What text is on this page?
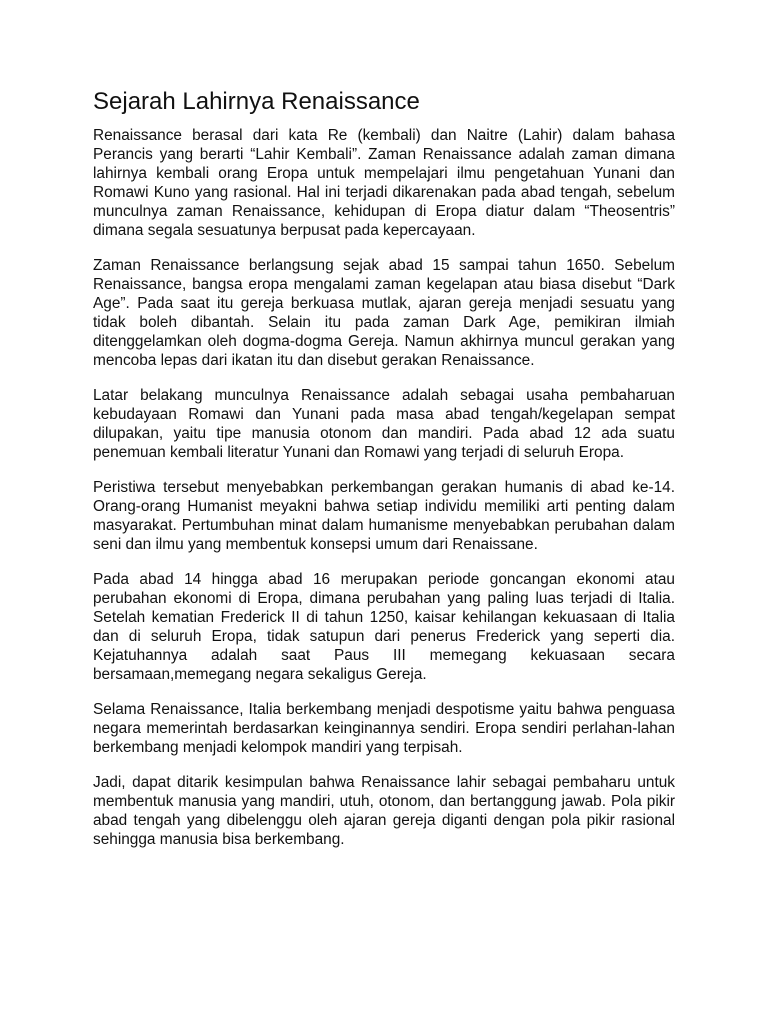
Sejarah Lahirnya Renaissance

Renaissance berasal dari kata Re (kembali) dan Naitre (Lahir) dalam bahasa Perancis yang berarti “Lahir Kembali”. Zaman Renaissance adalah zaman dimana lahirnya kembali orang Eropa untuk mempelajari ilmu pengetahuan Yunani dan Romawi Kuno yang rasional. Hal ini terjadi dikarenakan pada abad tengah, sebelum munculnya zaman Renaissance, kehidupan di Eropa diatur dalam “Theosentris” dimana segala sesuatunya berpusat pada kepercayaan.

Zaman Renaissance berlangsung sejak abad 15 sampai tahun 1650. Sebelum Renaissance, bangsa eropa mengalami zaman kegelapan atau biasa disebut “Dark Age”. Pada saat itu gereja berkuasa mutlak, ajaran gereja menjadi sesuatu yang tidak boleh dibantah. Selain itu pada zaman Dark Age, pemikiran ilmiah ditenggelamkan oleh dogma-dogma Gereja. Namun akhirnya muncul gerakan yang mencoba lepas dari ikatan itu dan disebut gerakan Renaissance.

Latar belakang munculnya Renaissance adalah sebagai usaha pembaharuan kebudayaan Romawi dan Yunani pada masa abad tengah/kegelapan sempat dilupakan, yaitu tipe manusia otonom dan mandiri. Pada abad 12 ada suatu penemuan kembali literatur Yunani dan Romawi yang terjadi di seluruh Eropa.

Peristiwa tersebut menyebabkan perkembangan gerakan humanis di abad ke-14. Orang-orang Humanist meyakni bahwa setiap individu memiliki arti penting dalam masyarakat. Pertumbuhan minat dalam humanisme menyebabkan perubahan dalam seni dan ilmu yang membentuk konsepsi umum dari Renaissane.

Pada abad 14 hingga abad 16 merupakan periode goncangan ekonomi atau perubahan ekonomi di Eropa, dimana perubahan yang paling luas terjadi di Italia. Setelah kematian Frederick II di tahun 1250, kaisar kehilangan kekuasaan di Italia dan di seluruh Eropa, tidak satupun dari penerus Frederick yang seperti dia. Kejatuhannya adalah saat Paus III memegang kekuasaan secara bersamaan,memegang negara sekaligus Gereja.

Selama Renaissance, Italia berkembang menjadi despotisme yaitu bahwa penguasa negara memerintah berdasarkan keinginannya sendiri. Eropa sendiri perlahan-lahan berkembang menjadi kelompok mandiri yang terpisah.

Jadi, dapat ditarik kesimpulan bahwa Renaissance lahir sebagai pembaharu untuk membentuk manusia yang mandiri, utuh, otonom, dan bertanggung jawab. Pola pikir abad tengah yang dibelenggu oleh ajaran gereja diganti dengan pola pikir rasional sehingga manusia bisa berkembang.
